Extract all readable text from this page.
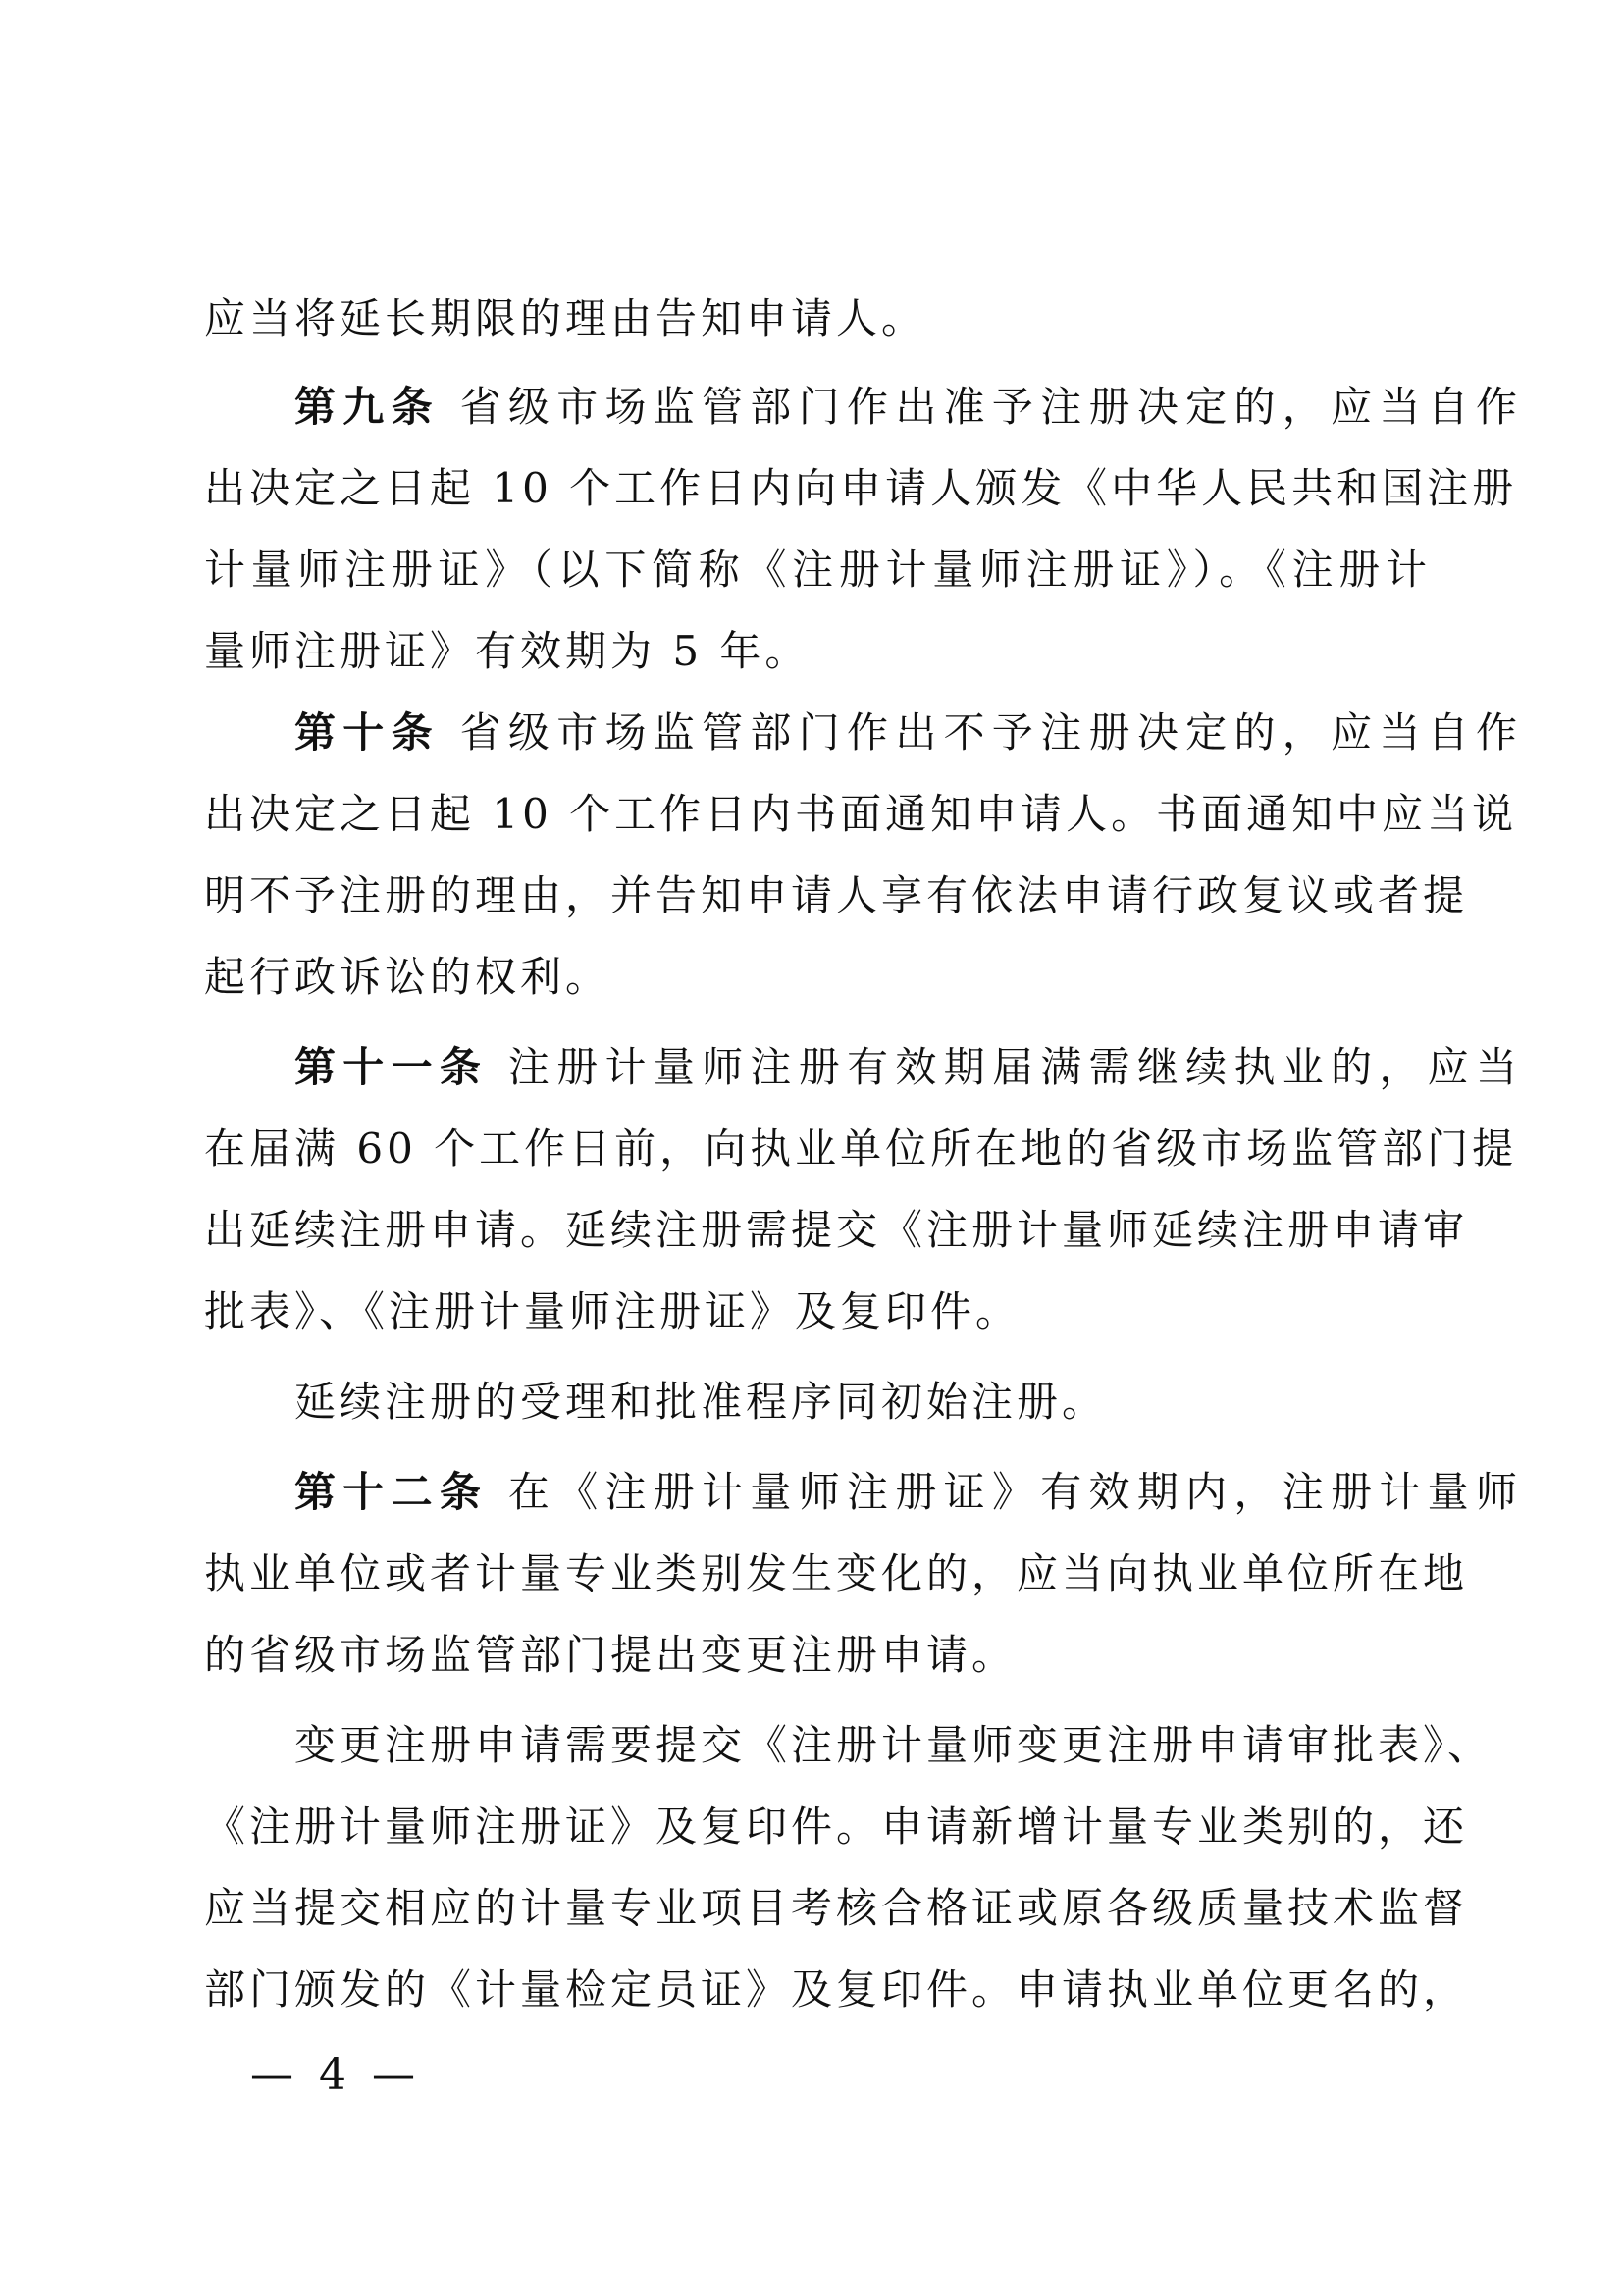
应当将延长期限的理由告知申请人。
第九条 省级市场监管部门作出准予注册决定的，应当自作
出决定之日起 10 个工作日内向申请人颁发《中华人民共和国注册
计量师注册证》（以下简称《注册计量师注册证》）。《注册计
量师注册证》有效期为 5 年。
第十条 省级市场监管部门作出不予注册决定的，应当自作
出决定之日起 10 个工作日内书面通知申请人。书面通知中应当说
明不予注册的理由，并告知申请人享有依法申请行政复议或者提
起行政诉讼的权利。
第十一条 注册计量师注册有效期届满需继续执业的，应当
在届满 60 个工作日前，向执业单位所在地的省级市场监管部门提
出延续注册申请。延续注册需提交《注册计量师延续注册申请审
批表》、《注册计量师注册证》及复印件。
延续注册的受理和批准程序同初始注册。
第十二条 在《注册计量师注册证》有效期内，注册计量师
执业单位或者计量专业类别发生变化的，应当向执业单位所在地
的省级市场监管部门提出变更注册申请。
变更注册申请需要提交《注册计量师变更注册申请审批表》、
《注册计量师注册证》及复印件。申请新增计量专业类别的，还
应当提交相应的计量专业项目考核合格证或原各级质量技术监督
部门颁发的《计量检定员证》及复印件。申请执业单位更名的，
— 4 —
